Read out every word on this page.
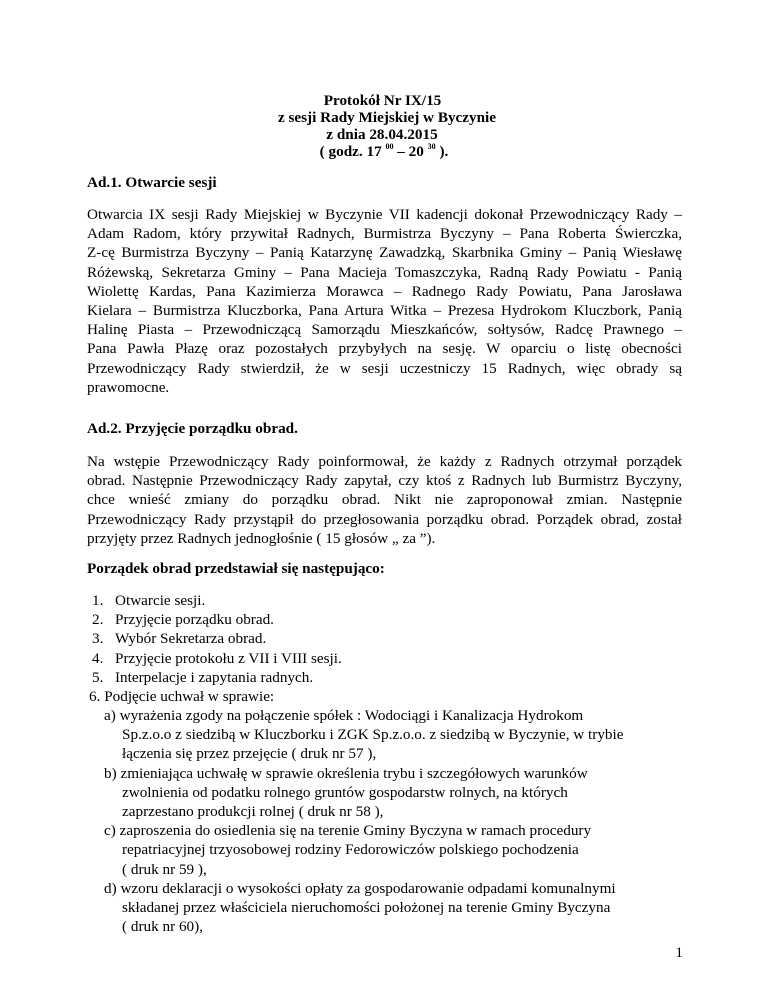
Protokół Nr IX/15
z sesji Rady Miejskiej w Byczynie
z dnia 28.04.2015
( godz. 17 $^{00}$ – 20 $^{30}$ ).
Ad.1. Otwarcie sesji
Otwarcia IX sesji Rady Miejskiej w Byczynie VII kadencji dokonał Przewodniczący Rady –
Adam Radom, który przywitał Radnych, Burmistrza Byczyny – Pana Roberta Świerczka,
Z-cę Burmistrza Byczyny – Panią Katarzynę Zawadzką, Skarbnika Gminy – Panią Wiesławę
Różewską, Sekretarza Gminy – Pana Macieja Tomaszczyka, Radną Rady Powiatu - Panią
Wiolettę Kardas, Pana Kazimierza Morawca – Radnego Rady Powiatu, Pana Jarosława
Kielara – Burmistrza Kluczborka, Pana Artura Witka – Prezesa Hydrokom Kluczbork, Panią
Halinę Piasta – Przewodniczącą Samorządu Mieszkańców, sołtysów, Radcę Prawnego –
Pana Pawła Płazę oraz pozostałych przybyłych na sesję. W oparciu o listę obecności
Przewodniczący Rady stwierdził, że w sesji uczestniczy 15 Radnych, więc obrady są
prawomocne.
Ad.2. Przyjęcie porządku obrad.
Na wstępie Przewodniczący Rady poinformował, że każdy z Radnych otrzymał porządek
obrad. Następnie Przewodniczący Rady zapytał, czy ktoś z Radnych lub Burmistrz Byczyny,
chce wnieść zmiany do porządku obrad. Nikt nie zaproponował zmian. Następnie
Przewodniczący Rady przystąpił do przegłosowania porządku obrad. Porządek obrad, został
przyjęty przez Radnych jednogłośnie ( 15 głosów „ za ”).
Porządek obrad przedstawiał się następująco:
1. Otwarcie sesji.
2. Przyjęcie porządku obrad.
3. Wybór Sekretarza obrad.
4. Przyjęcie protokołu z VII i VIII sesji.
5. Interpelacje i zapytania radnych.
6. Podjęcie uchwał w sprawie:
a) wyrażenia zgody na połączenie spółek : Wodociągi i Kanalizacja Hydrokom
Sp.z.o.o z siedzibą w Kluczborku i ZGK Sp.z.o.o. z siedzibą w Byczynie, w trybie
łączenia się przez przejęcie ( druk nr 57 ),
b) zmieniająca uchwałę w sprawie określenia trybu i szczegółowych warunków
zwolnienia od podatku rolnego gruntów gospodarstw rolnych, na których
zaprzestano produkcji rolnej ( druk nr 58 ),
c) zaproszenia do osiedlenia się na terenie Gminy Byczyna w ramach procedury
repatriacyjnej trzyosobowej rodziny Fedorowiczów polskiego pochodzenia
( druk nr 59 ),
d) wzoru deklaracji o wysokości opłaty za gospodarowanie odpadami komunalnymi
składanej przez właściciela nieruchomości położonej na terenie Gminy Byczyna
( druk nr 60),
1
